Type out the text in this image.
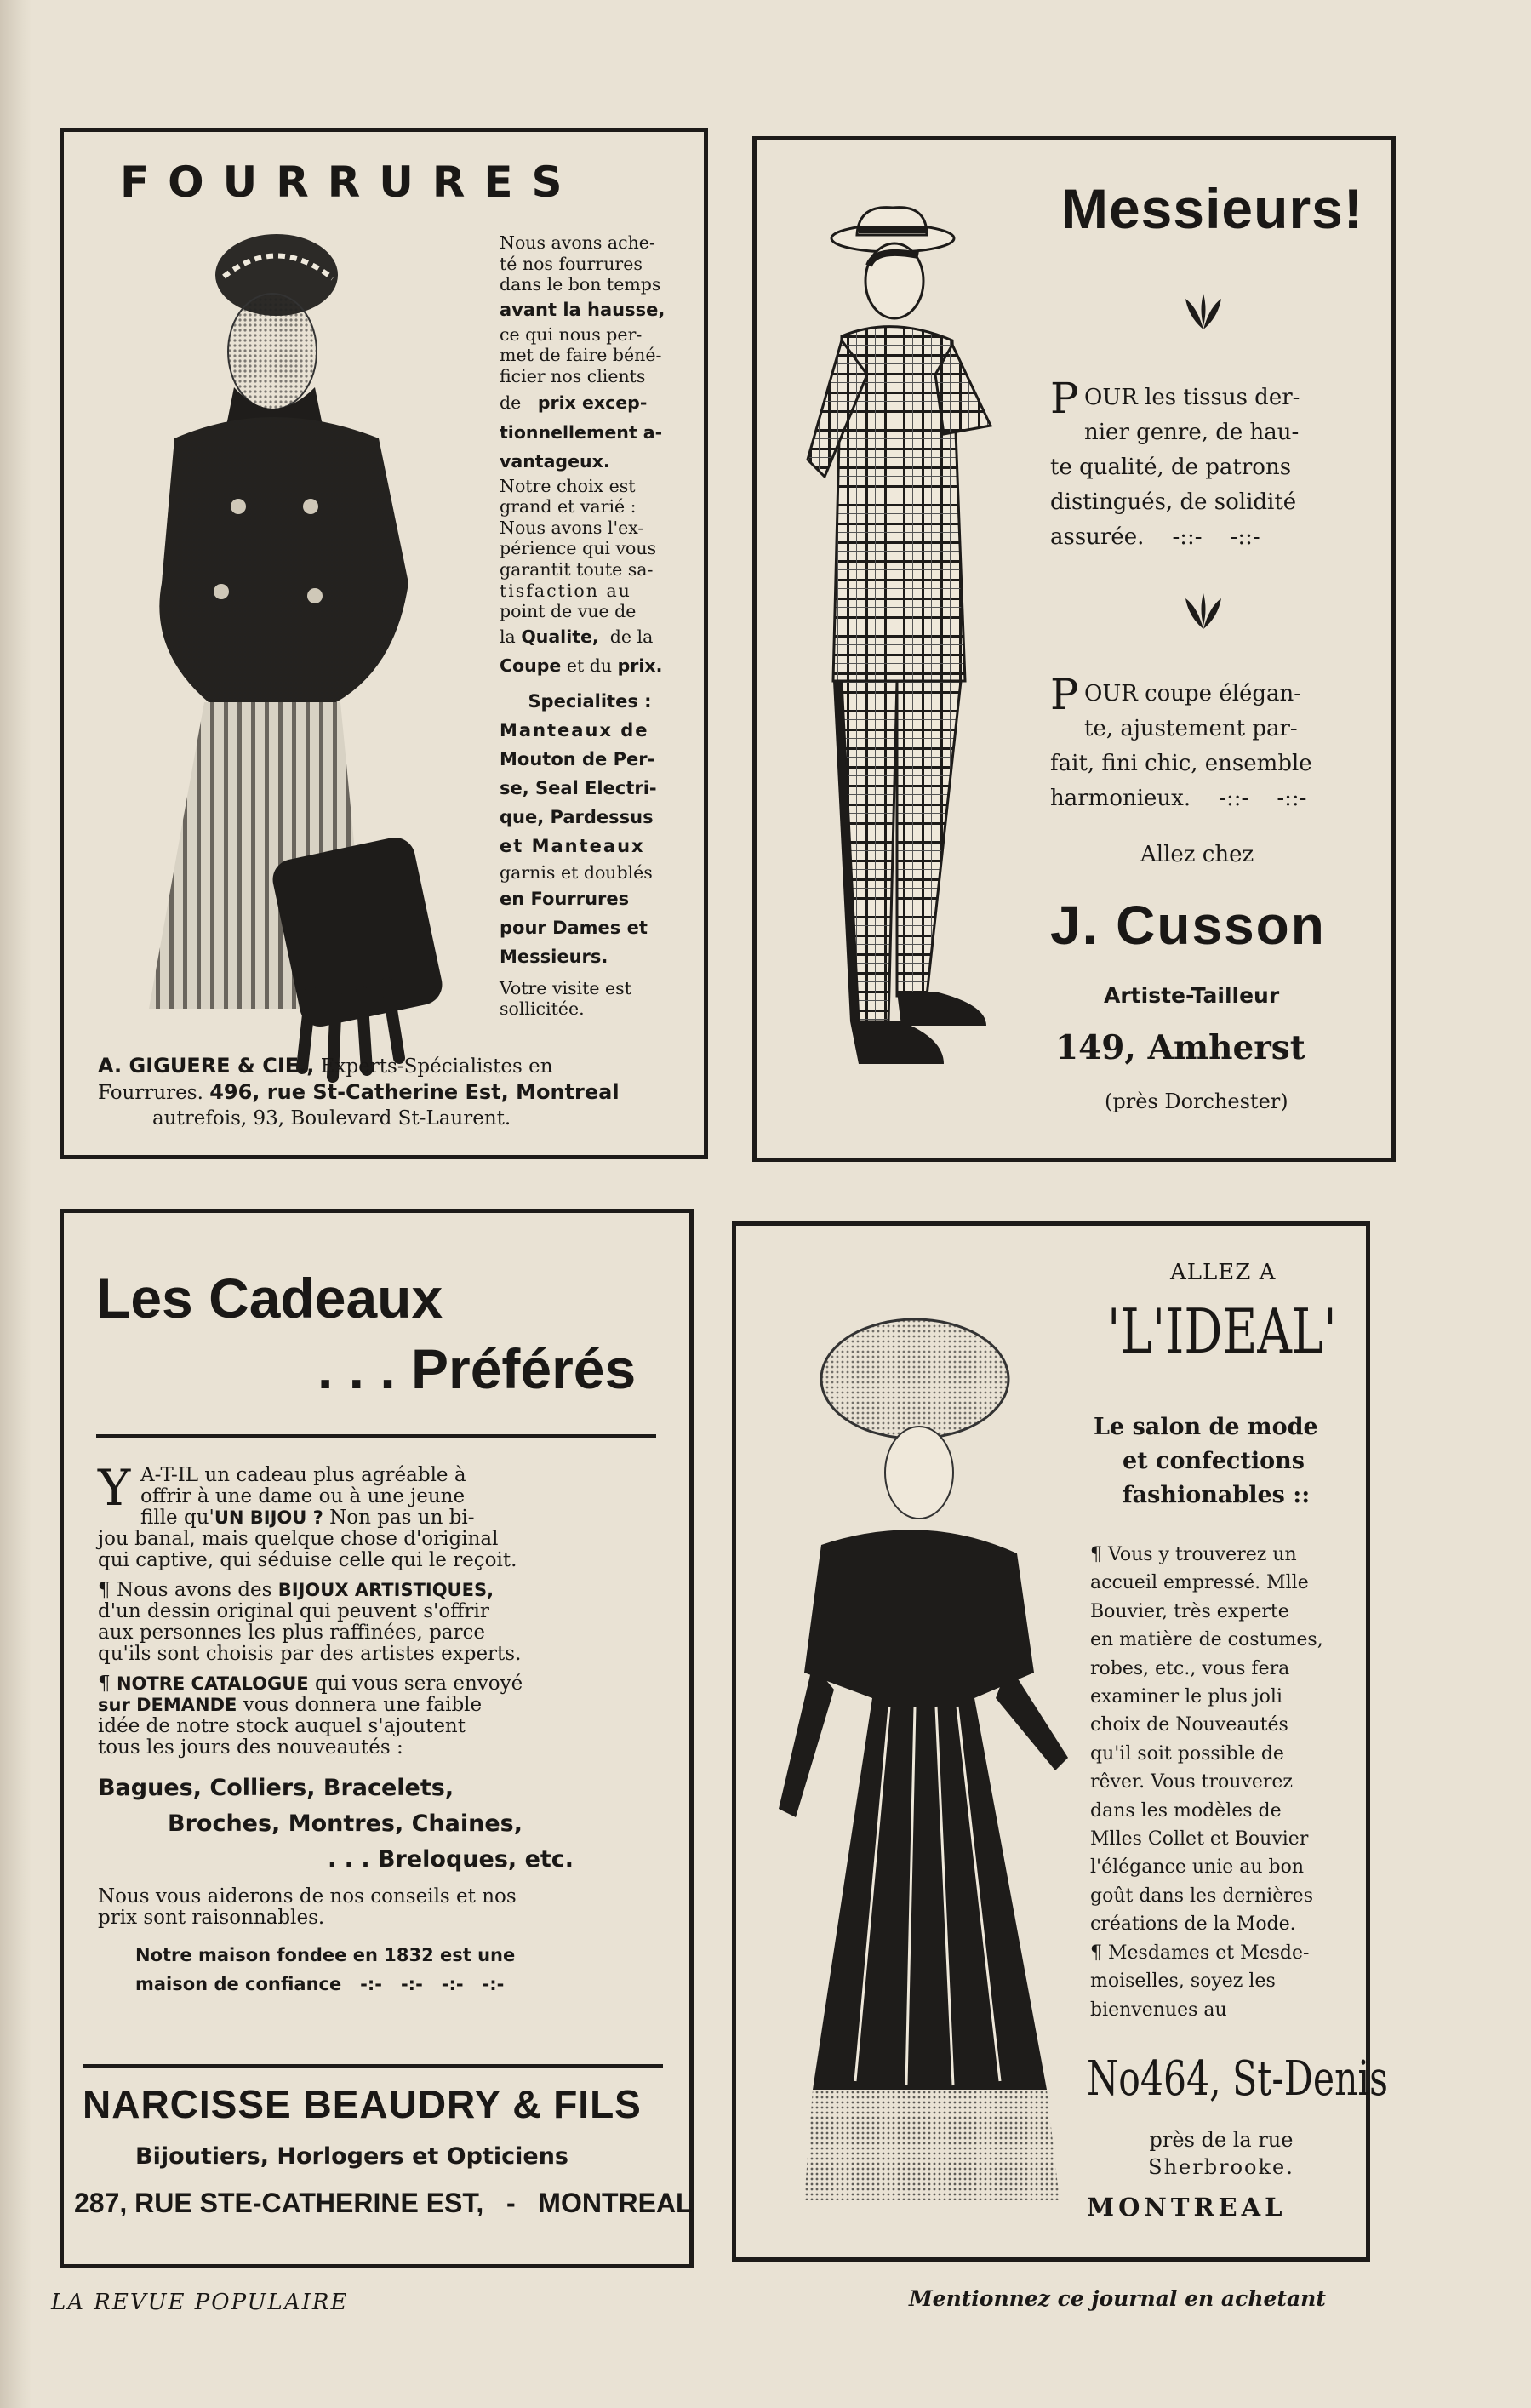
FOURRURES

Nous avons ache-

té nos fourrures

dans le bon temps

avant la hausse,

ce qui nous per-

met de faire béné-

ficier nos clients

de prix excep-

tionnellement a-

vantageux.

Notre choix est

grand et varié :

Nous avons l'ex-

périence qui vous

garantit toute sa-

tisfaction au

point de vue de

la Qualite, de la

Coupe et du prix.

Specialites :

Manteaux de

Mouton de Per-

se, Seal Electri-

que, Pardessus

et Manteaux

garnis et doublés

en Fourrures

pour Dames et

Messieurs.

Votre visite est

sollicitée.

A. GIGUERE & CIE., Experts-Spécialistes en

Fourrures. 496, rue St-Catherine Est, Montreal

autrefois, 93, Boulevard St-Laurent.

Messieurs!
P OUR les tissus der-

nier genre, de hau-

te qualité, de patrons

distingués, de solidité

assurée. -::- -::-

P OUR coupe élégan-

te, ajustement par-

fait, fini chic, ensemble

harmonieux. -::- -::-

Allez chez
J. Cusson
Artiste-Tailleur
149, Amherst
(près Dorchester)
Les Cadeaux
. . . Préférés
Y A-T-IL un cadeau plus agréable à

offrir à une dame ou à une jeune

fille qu'UN BIJOU ? Non pas un bi-

jou banal, mais quelque chose d'original

qui captive, qui séduise celle qui le reçoit.

¶ Nous avons des BIJOUX ARTISTIQUES,

d'un dessin original qui peuvent s'offrir

aux personnes les plus raffinées, parce

qu'ils sont choisis par des artistes experts.

¶ NOTRE CATALOGUE qui vous sera envoyé

sur DEMANDE vous donnera une faible

idée de notre stock auquel s'ajoutent

tous les jours des nouveautés :

Bagues, Colliers, Bracelets,

Broches, Montres, Chaines,

. . . Breloques, etc.

Nous vous aiderons de nos conseils et nos

prix sont raisonnables.

Notre maison fondee en 1832 est une

maison de confiance -:- -:- -:- -:-

NARCISSE BEAUDRY & FILS
Bijoutiers, Horlogers et Opticiens
287, RUE STE-CATHERINE EST, - MONTREAL
ALLEZ A
'L'IDEAL'

Le salon de mode

et confections

fashionables ::

¶ Vous y trouverez un

accueil empressé. Mlle

Bouvier, très experte

en matière de costumes,

robes, etc., vous fera

examiner le plus joli

choix de Nouveautés

qu'il soit possible de

rêver. Vous trouverez

dans les modèles de

Mlles Collet et Bouvier

l'élégance unie au bon

goût dans les dernières

créations de la Mode.

¶ Mesdames et Mesde-

moiselles, soyez les

bienvenues au

No464, St-Denis

près de la rue

Sherbrooke.

MONTREAL
LA REVUE POPULAIRE	Mentionnez ce journal en achetant
